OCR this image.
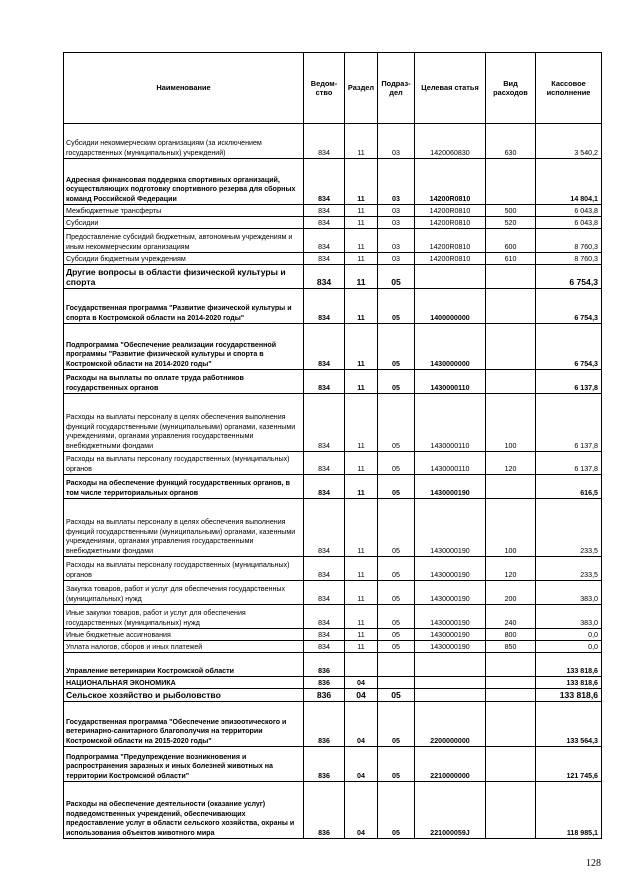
Наименование	Ведом-ство	Раздел	Подраз-дел	Целевая статья	Вид расходов	Кассовое исполнение
Субсидии некоммерческим организациям (за исключением государственных (муниципальных) учреждений)	834	11	03	1420060830	630	3 540,2
Адресная финансовая поддержка спортивных организаций, осуществляющих подготовку спортивного резерва для сборных команд Российской Федерации	834	11	03	14200R0810		14 804,1
Межбюджетные трансферты	834	11	03	14200R0810	500	6 043,8
Субсидии	834	11	03	14200R0810	520	6 043,8
Предоставление субсидий бюджетным, автономным учреждениям и иным некоммерческим организациям	834	11	03	14200R0810	600	8 760,3
Субсидии бюджетным учреждениям	834	11	03	14200R0810	610	8 760,3
Другие вопросы в области физической культуры и спорта	834	11	05			6 754,3
Государственная программа "Развитие физической культуры и спорта в Костромской области на 2014-2020 годы"	834	11	05	1400000000		6 754,3
Подпрограмма "Обеспечение реализации государственной программы "Развитие физической культуры и спорта в Костромской области на 2014-2020 годы"	834	11	05	1430000000		6 754,3
Расходы на выплаты по оплате труда работников государственных органов	834	11	05	1430000110		6 137,8
Расходы на выплаты персоналу в целях обеспечения выполнения функций государственными (муниципальными) органами, казенными учреждениями, органами управления государственными внебюджетными фондами	834	11	05	1430000110	100	6 137,8
Расходы на выплаты персоналу государственных (муниципальных) органов	834	11	05	1430000110	120	6 137,8
Расходы на обеспечение функций государственных органов, в том числе территориальных органов	834	11	05	1430000190		616,5
Расходы на выплаты персоналу в целях обеспечения выполнения функций государственными (муниципальными) органами, казенными учреждениями, органами управления государственными внебюджетными фондами	834	11	05	1430000190	100	233,5
Расходы на выплаты персоналу государственных (муниципальных) органов	834	11	05	1430000190	120	233,5
Закупка товаров, работ и услуг для обеспечения государственных (муниципальных) нужд	834	11	05	1430000190	200	383,0
Иные закупки товаров, работ и услуг для обеспечения государственных (муниципальных) нужд	834	11	05	1430000190	240	383,0
Иные бюджетные ассигнования	834	11	05	1430000190	800	0,0
Уплата налогов, сборов и иных платежей	834	11	05	1430000190	850	0,0
Управление ветеринарии Костромской области	836					133 818,6
НАЦИОНАЛЬНАЯ ЭКОНОМИКА	836	04				133 818,6
Сельское хозяйство и рыболовство	836	04	05			133 818,6
Государственная программа "Обеспечение эпизоотического и ветеринарно-санитарного благополучия на территории Костромской области на 2015-2020 годы"	836	04	05	2200000000		133 564,3
Подпрограмма "Предупреждение возникновения и распространения заразных и иных болезней животных на территории Костромской области"	836	04	05	2210000000		121 745,6
Расходы на обеспечение деятельности (оказание услуг) подведомственных учреждений, обеспечивающих предоставление услуг в области сельского хозяйства, охраны и использования объектов животного мира	836	04	05	221000059J		118 985,1
128
